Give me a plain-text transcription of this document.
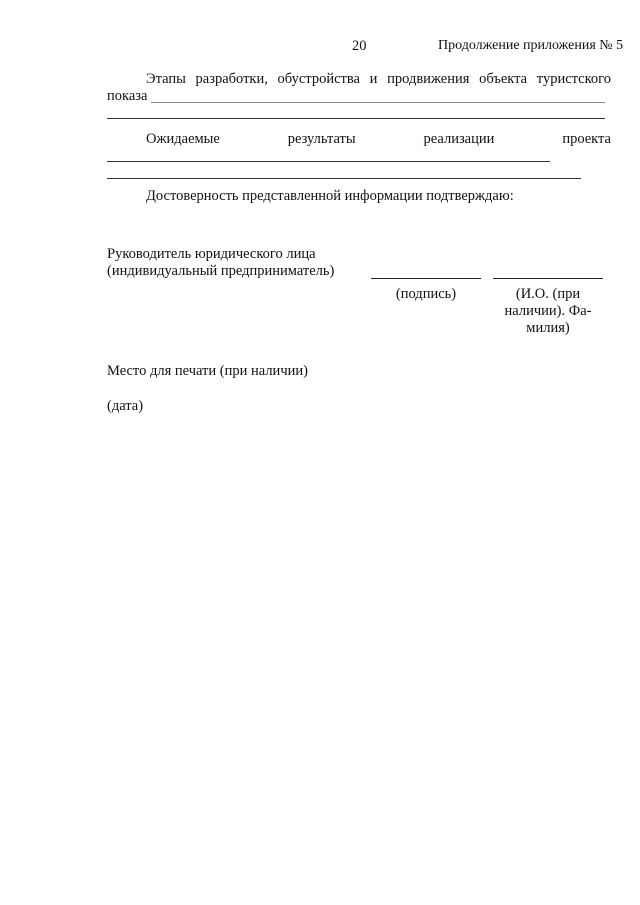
20	Продолжение приложения № 5
Этапы разработки, обустройства и продвижения объекта туристского
показа
Ожидаемые	результаты	реализации	проекта
Достоверность представленной информации подтверждаю:
Руководитель юридического лица
(индивидуальный предприниматель)
(подпись)	(И.О. (при
наличии). Фа-
милия)
Место для печати (при наличии)
(дата)
